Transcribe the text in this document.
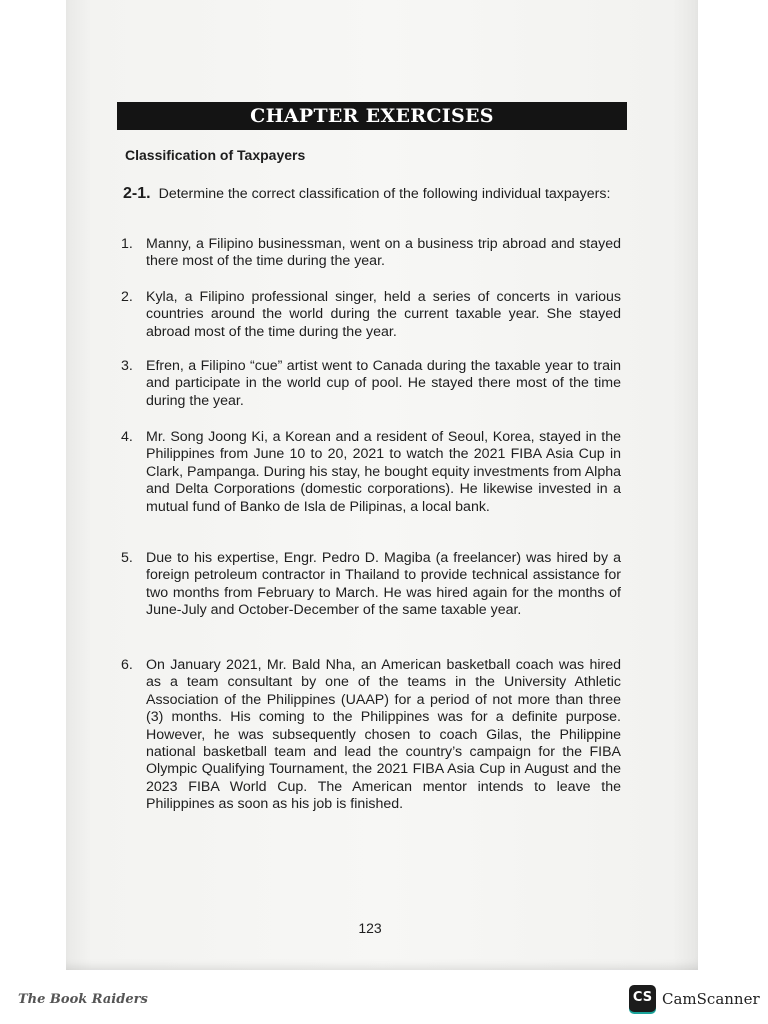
CHAPTER EXERCISES
Classification of Taxpayers
2-1. Determine the correct classification of the following individual taxpayers:
1. Manny, a Filipino businessman, went on a business trip abroad and stayed there most of the time during the year.
2. Kyla, a Filipino professional singer, held a series of concerts in various countries around the world during the current taxable year. She stayed abroad most of the time during the year.
3. Efren, a Filipino “cue” artist went to Canada during the taxable year to train and participate in the world cup of pool. He stayed there most of the time during the year.
4. Mr. Song Joong Ki, a Korean and a resident of Seoul, Korea, stayed in the Philippines from June 10 to 20, 2021 to watch the 2021 FIBA Asia Cup in Clark, Pampanga. During his stay, he bought equity investments from Alpha and Delta Corporations (domestic corporations). He likewise invested in a mutual fund of Banko de Isla de Pilipinas, a local bank.
5. Due to his expertise, Engr. Pedro D. Magiba (a freelancer) was hired by a foreign petroleum contractor in Thailand to provide technical assistance for two months from February to March. He was hired again for the months of June-July and October-December of the same taxable year.
6. On January 2021, Mr. Bald Nha, an American basketball coach was hired as a team consultant by one of the teams in the University Athletic Association of the Philippines (UAAP) for a period of not more than three (3) months. His coming to the Philippines was for a definite purpose. However, he was subsequently chosen to coach Gilas, the Philippine national basketball team and lead the country’s campaign for the FIBA Olympic Qualifying Tournament, the 2021 FIBA Asia Cup in August and the 2023 FIBA World Cup. The American mentor intends to leave the Philippines as soon as his job is finished.
123
The Book Raiders	CS CamScanner
